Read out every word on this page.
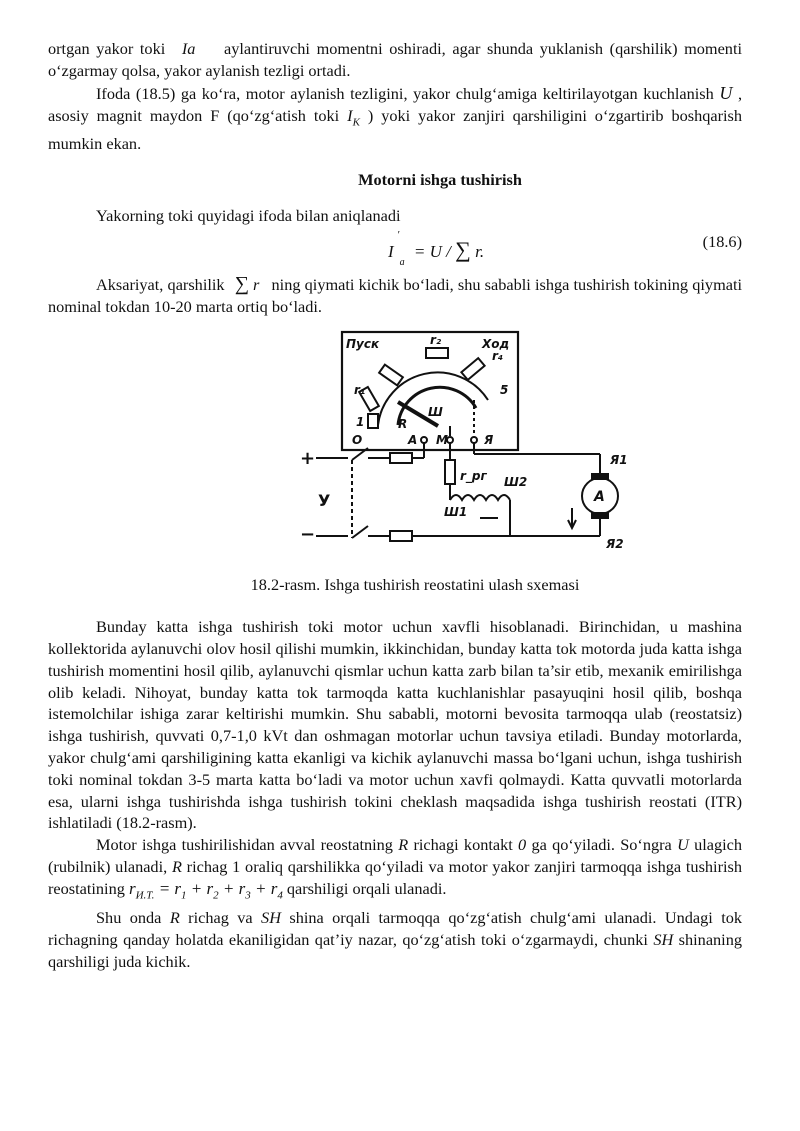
ortgan yakor toki Ia aylantiruvchi momentni oshiradi, agar shunda yuklanish (qarshilik) momenti o‘zgarmay qolsa, yakor aylanish tezligi ortadi.

Ifoda (18.5) ga ko‘ra, motor aylanish tezligini, yakor chulg‘amiga keltirilayotgan kuchlanish U , asosiy magnit maydon F (qo‘zg‘atish toki $I_K$ ) yoki yakor zanjiri qarshiligini o‘zgartirib boshqarish mumkin ekan.

Motorni ishga tushirish

Yakorning toki quyidagi ifoda bilan aniqlanadi

I
′
a
= U / ∑ r.
(18.6)

Aksariyat, qarshilik ∑ r ning qiymati kichik bo‘ladi, shu sababli ishga tushirish tokining qiymati nominal tokdan 10-20 marta ortiq bo‘ladi.

Пуск	Ход
r₁
r₂
r₄
1
5
R
Ш
O	A M	Я
+
−
У
r_рг
Ш1
Ш2
А
Я1
Я2

18.2-rasm. Ishga tushirish reostatini ulash sxemasi

Bunday katta ishga tushirish toki motor uchun xavfli hisoblanadi. Birinchidan, u mashina kollektorida aylanuvchi olov hosil qilishi mumkin, ikkinchidan, bunday katta tok motorda juda katta ishga tushirish momentini hosil qilib, aylanuvchi qismlar uchun katta zarb bilan ta’sir etib, mexanik emirilishga olib keladi. Nihoyat, bunday katta tok tarmoqda katta kuchlanishlar pasayuqini hosil qilib, boshqa istemolchilar ishiga zarar keltirishi mumkin. Shu sababli, motorni bevosita tarmoqqa ulab (reostatsiz) ishga tushirish, quvvati 0,7-1,0 kVt dan oshmagan motorlar uchun tavsiya etiladi. Bunday motorlarda, yakor chulg‘ami qarshiligining katta ekanligi va kichik aylanuvchi massa bo‘lgani uchun, ishga tushirish toki nominal tokdan 3-5 marta katta bo‘ladi va motor uchun xavfi qolmaydi. Katta quvvatli motorlarda esa, ularni ishga tushirishda ishga tushirish tokini cheklash maqsadida ishga tushirish reostati (ITR) ishlatiladi (18.2-rasm).

Motor ishga tushirilishidan avval reostatning R richagi kontakt 0 ga qo‘yiladi. So‘ngra U ulagich (rubilnik) ulanadi, R richag 1 oraliq qarshilikka qo‘yiladi va motor yakor zanjiri tarmoqqa ishga tushirish reostatining $r_{И.Т.} = r_1 + r_2 + r_3 + r_4$ qarshiligi orqali ulanadi.

Shu onda R richag va SH shina orqali tarmoqqa qo‘zg‘atish chulg‘ami ulanadi. Undagi tok richagning qanday holatda ekaniligidan qat’iy nazar, qo‘zg‘atish toki o‘zgarmaydi, chunki SH shinaning qarshiligi juda kichik.
